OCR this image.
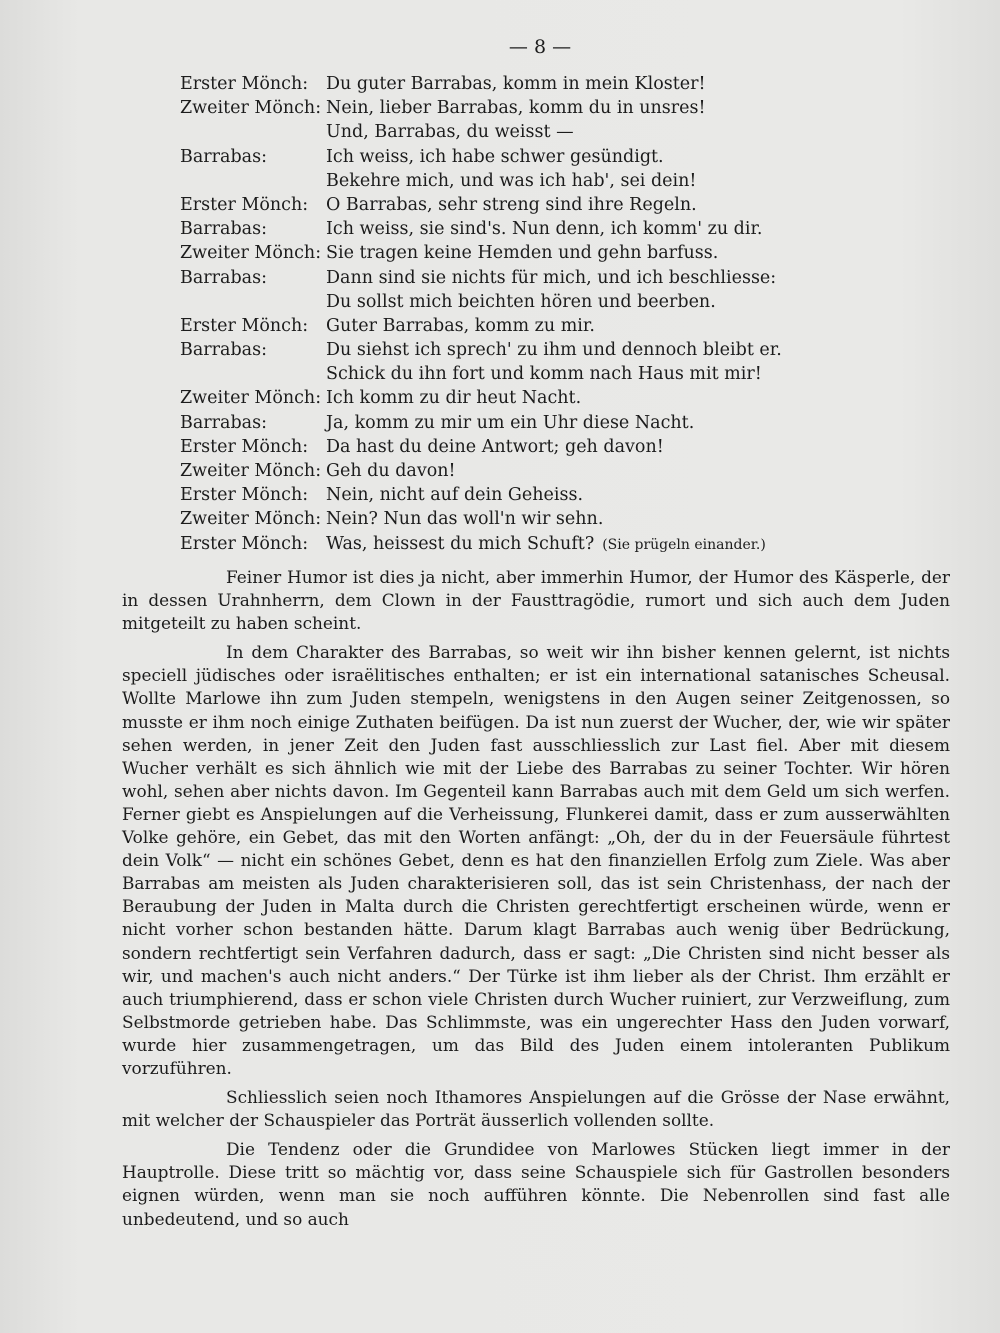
— 8 —
Erster Mönch: Du guter Barrabas, komm in mein Kloster!
Zweiter Mönch: Nein, lieber Barrabas, komm du in unsres!
Und, Barrabas, du weisst —
Barrabas:	Ich weiss, ich habe schwer gesündigt.
Bekehre mich, und was ich hab', sei dein!
Erster Mönch: O Barrabas, sehr streng sind ihre Regeln.
Barrabas:	Ich weiss, sie sind's. Nun denn, ich komm' zu dir.
Zweiter Mönch: Sie tragen keine Hemden und gehn barfuss.
Barrabas:	Dann sind sie nichts für mich, und ich beschliesse:
Du sollst mich beichten hören und beerben.
Erster Mönch: Guter Barrabas, komm zu mir.
Barrabas:	Du siehst ich sprech' zu ihm und dennoch bleibt er.
Schick du ihn fort und komm nach Haus mit mir!
Zweiter Mönch: Ich komm zu dir heut Nacht.
Barrabas:	Ja, komm zu mir um ein Uhr diese Nacht.
Erster Mönch: Da hast du deine Antwort; geh davon!
Zweiter Mönch: Geh du davon!
Erster Mönch: Nein, nicht auf dein Geheiss.
Zweiter Mönch: Nein? Nun das woll'n wir sehn.
Erster Mönch: Was, heissest du mich Schuft? (Sie prügeln einander.)

Feiner Humor ist dies ja nicht, aber immerhin Humor, der Humor des Käsperle, der in dessen Urahnherrn, dem Clown in der Fausttragödie, rumort und sich auch dem Juden mitgeteilt zu haben scheint.

In dem Charakter des Barrabas, so weit wir ihn bisher kennen gelernt, ist nichts speciell jüdisches oder israëlitisches enthalten; er ist ein international satanisches Scheusal. Wollte Marlowe ihn zum Juden stempeln, wenigstens in den Augen seiner Zeitgenossen, so musste er ihm noch einige Zuthaten beifügen. Da ist nun zuerst der Wucher, der, wie wir später sehen werden, in jener Zeit den Juden fast ausschliesslich zur Last fiel. Aber mit diesem Wucher verhält es sich ähnlich wie mit der Liebe des Barrabas zu seiner Tochter. Wir hören wohl, sehen aber nichts davon. Im Gegenteil kann Barrabas auch mit dem Geld um sich werfen. Ferner giebt es Anspielungen auf die Verheissung, Flunkerei damit, dass er zum ausserwählten Volke gehöre, ein Gebet, das mit den Worten anfängt: „Oh, der du in der Feuersäule führtest dein Volk“ — nicht ein schönes Gebet, denn es hat den finanziellen Erfolg zum Ziele. Was aber Barrabas am meisten als Juden charakterisieren soll, das ist sein Christenhass, der nach der Beraubung der Juden in Malta durch die Christen gerechtfertigt erscheinen würde, wenn er nicht vorher schon bestanden hätte. Darum klagt Barrabas auch wenig über Bedrückung, sondern rechtfertigt sein Verfahren dadurch, dass er sagt: „Die Christen sind nicht besser als wir, und machen's auch nicht anders.“ Der Türke ist ihm lieber als der Christ. Ihm erzählt er auch triumphierend, dass er schon viele Christen durch Wucher ruiniert, zur Verzweiflung, zum Selbstmorde getrieben habe. Das Schlimmste, was ein ungerechter Hass den Juden vorwarf, wurde hier zusammengetragen, um das Bild des Juden einem intoleranten Publikum vorzuführen.

Schliesslich seien noch Ithamores Anspielungen auf die Grösse der Nase erwähnt, mit welcher der Schauspieler das Porträt äusserlich vollenden sollte.

Die Tendenz oder die Grundidee von Marlowes Stücken liegt immer in der Hauptrolle. Diese tritt so mächtig vor, dass seine Schauspiele sich für Gastrollen besonders eignen würden, wenn man sie noch aufführen könnte. Die Nebenrollen sind fast alle unbedeutend, und so auch
